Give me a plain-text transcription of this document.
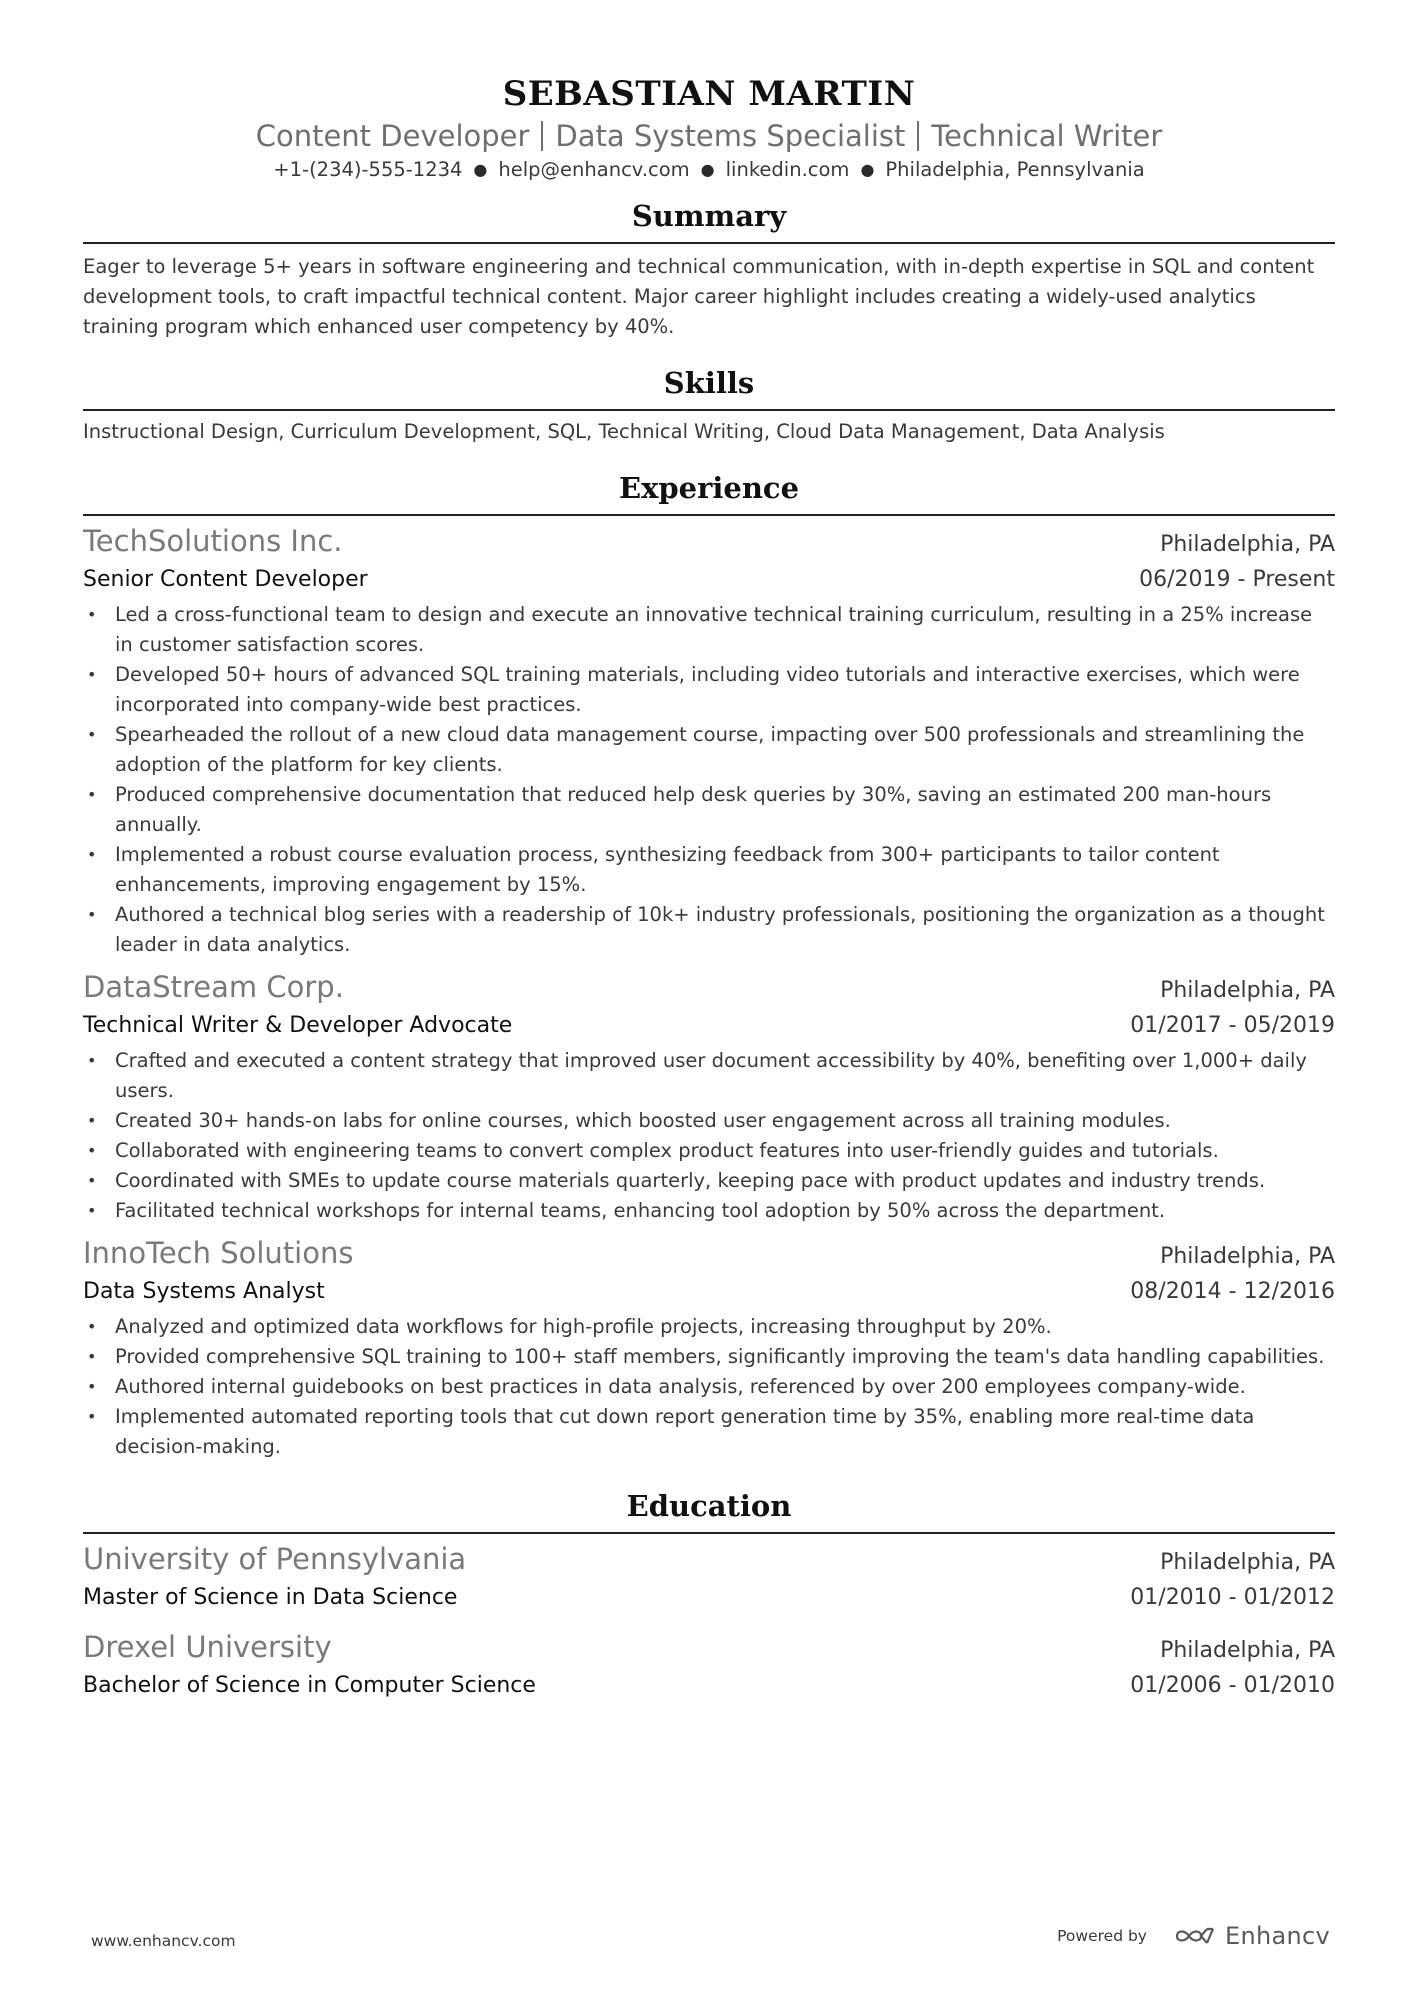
SEBASTIAN MARTIN
Content Developer Data Systems Specialist Technical Writer
+1-(234)-555-1234 ● help@enhancv.com ● linkedin.com ● Philadelphia, Pennsylvania
Summary
Eager to leverage 5+ years in software engineering and technical communication, with in-depth expertise in SQL and content development tools, to craft impactful technical content. Major career highlight includes creating a widely-used analytics training program which enhanced user competency by 40%.
Skills
Instructional Design, Curriculum Development, SQL, Technical Writing, Cloud Data Management, Data Analysis
Experience
TechSolutions Inc.	Philadelphia, PA
Senior Content Developer	06/2019 - Present
• Led a cross-functional team to design and execute an innovative technical training curriculum, resulting in a 25% increase in customer satisfaction scores.
• Developed 50+ hours of advanced SQL training materials, including video tutorials and interactive exercises, which were incorporated into company-wide best practices.
• Spearheaded the rollout of a new cloud data management course, impacting over 500 professionals and streamlining the adoption of the platform for key clients.
• Produced comprehensive documentation that reduced help desk queries by 30%, saving an estimated 200 man-hours annually.
• Implemented a robust course evaluation process, synthesizing feedback from 300+ participants to tailor content enhancements, improving engagement by 15%.
• Authored a technical blog series with a readership of 10k+ industry professionals, positioning the organization as a thought leader in data analytics.
DataStream Corp.	Philadelphia, PA
Technical Writer & Developer Advocate	01/2017 - 05/2019
• Crafted and executed a content strategy that improved user document accessibility by 40%, benefiting over 1,000+ daily users.
• Created 30+ hands-on labs for online courses, which boosted user engagement across all training modules.
• Collaborated with engineering teams to convert complex product features into user-friendly guides and tutorials.
• Coordinated with SMEs to update course materials quarterly, keeping pace with product updates and industry trends.
• Facilitated technical workshops for internal teams, enhancing tool adoption by 50% across the department.
InnoTech Solutions	Philadelphia, PA
Data Systems Analyst	08/2014 - 12/2016
• Analyzed and optimized data workflows for high-profile projects, increasing throughput by 20%.
• Provided comprehensive SQL training to 100+ staff members, significantly improving the team's data handling capabilities.
• Authored internal guidebooks on best practices in data analysis, referenced by over 200 employees company-wide.
• Implemented automated reporting tools that cut down report generation time by 35%, enabling more real-time data decision-making.
Education
University of Pennsylvania	Philadelphia, PA
Master of Science in Data Science	01/2010 - 01/2012
Drexel University	Philadelphia, PA
Bachelor of Science in Computer Science	01/2006 - 01/2010
www.enhancv.com	Powered by	Enhancv
